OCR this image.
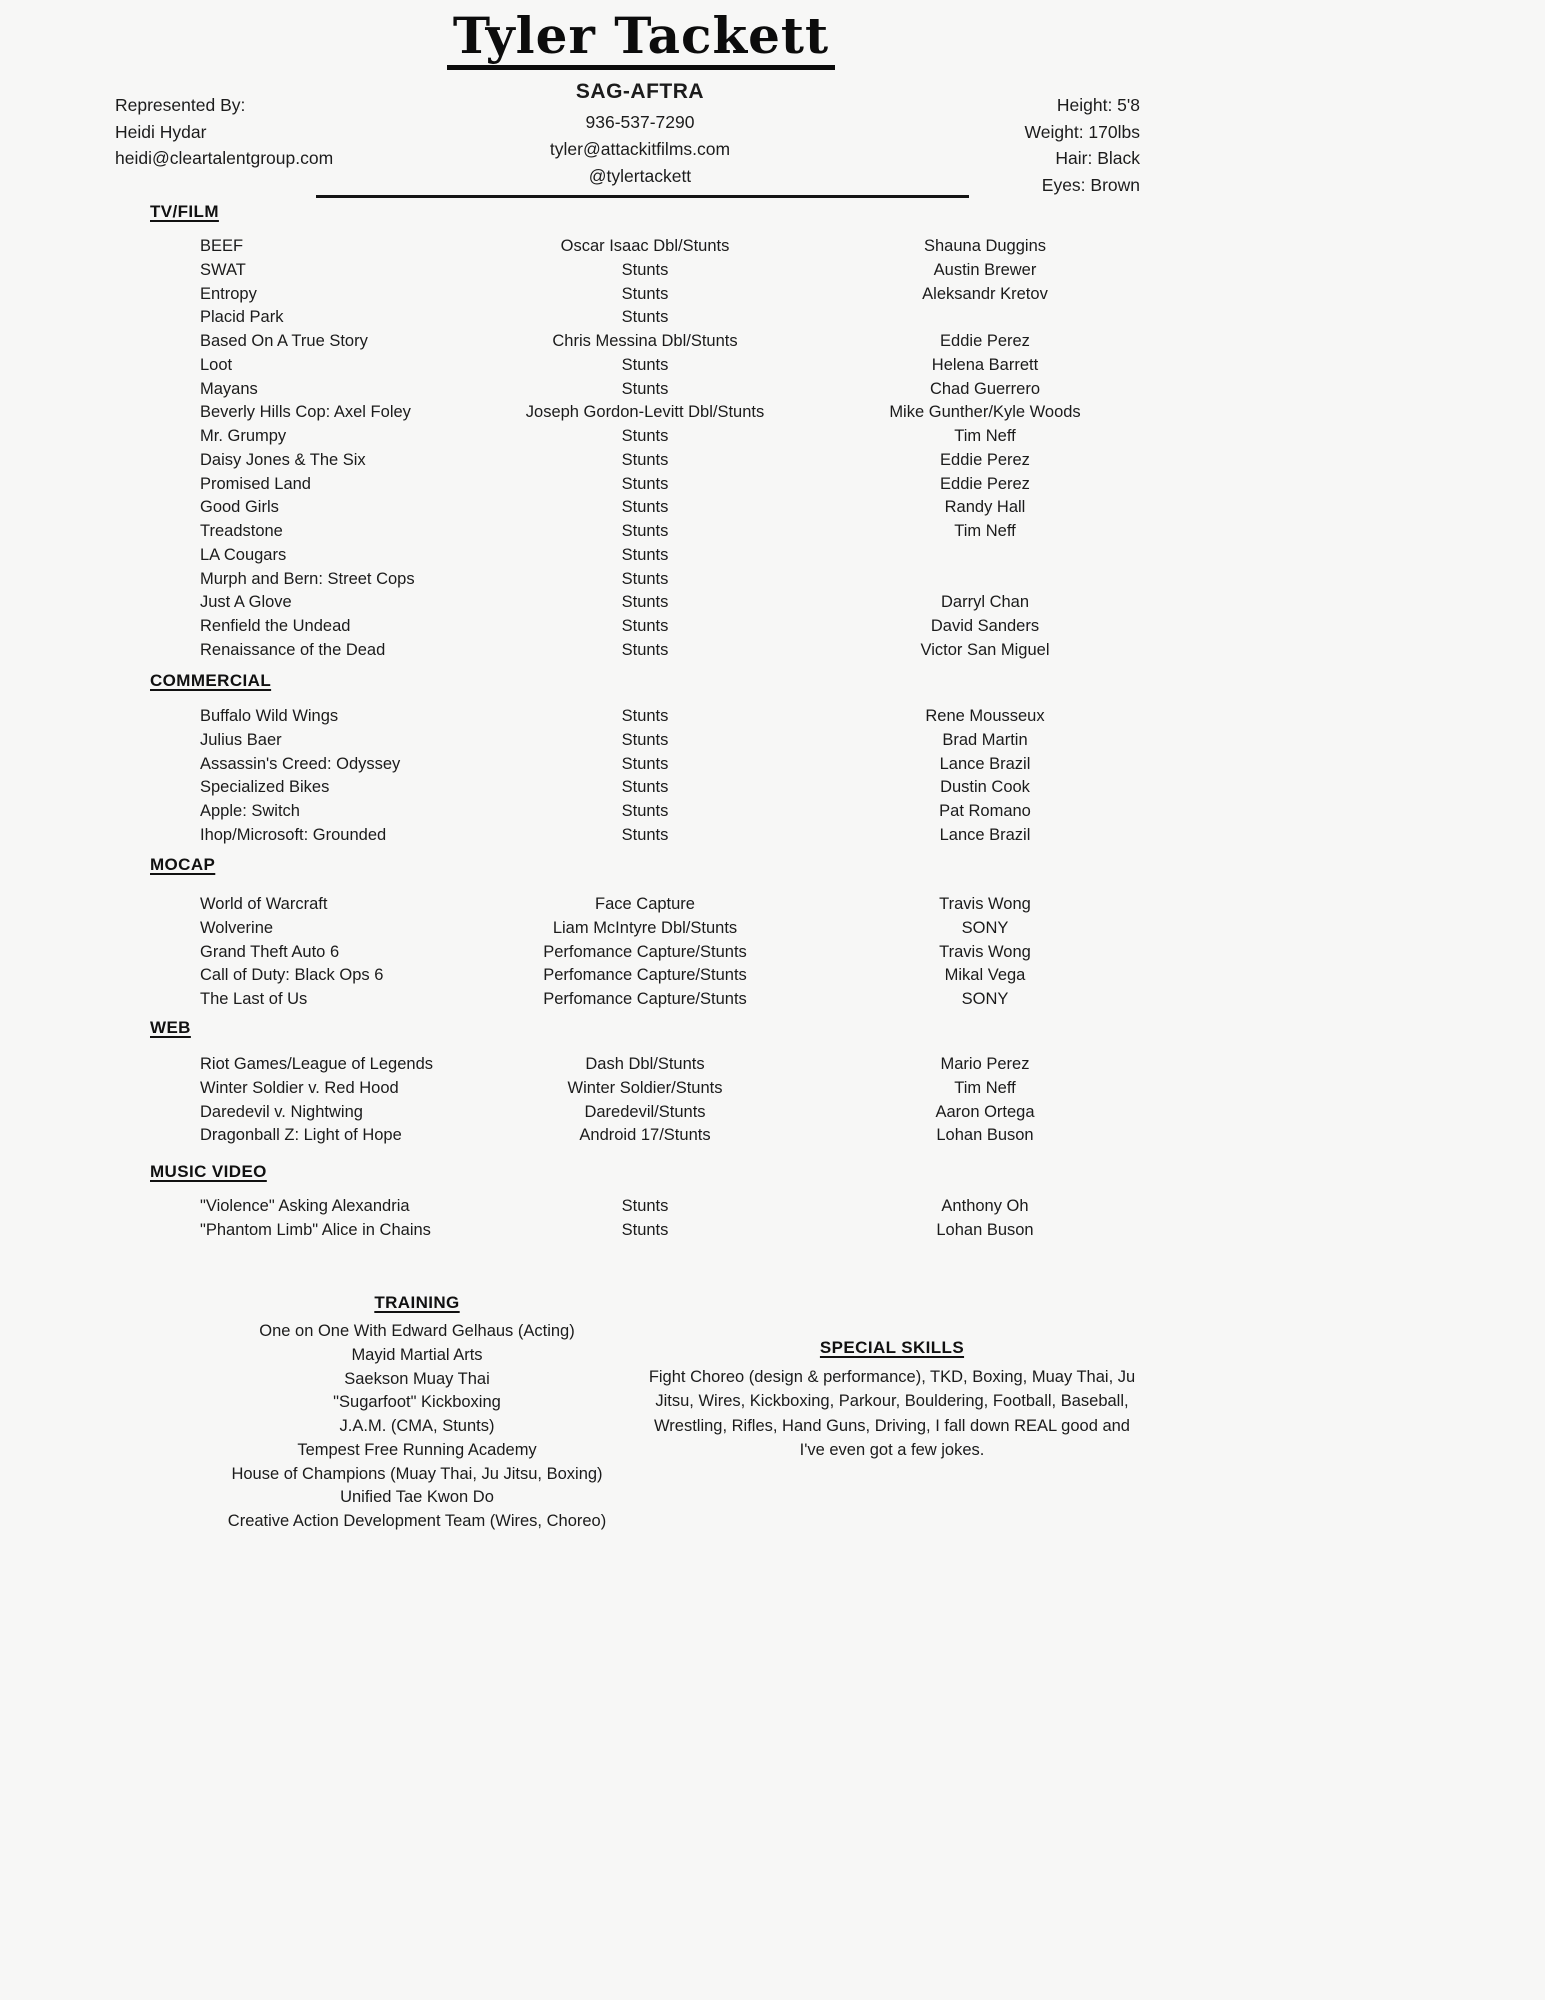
Tyler Tackett
Represented By:
Heidi Hydar
heidi@cleartalentgroup.com
SAG-AFTRA
936-537-7290
tyler@attackitfilms.com
@tylertackett
Height: 5'8
Weight: 170lbs
Hair: Black
Eyes: Brown
TV/FILM
BEEF	Oscar Isaac Dbl/Stunts	Shauna Duggins
SWAT	Stunts	Austin Brewer
Entropy	Stunts	Aleksandr Kretov
Placid Park	Stunts
Based On A True Story	Chris Messina Dbl/Stunts	Eddie Perez
Loot	Stunts	Helena Barrett
Mayans	Stunts	Chad Guerrero
Beverly Hills Cop: Axel Foley	Joseph Gordon-Levitt Dbl/Stunts	Mike Gunther/Kyle Woods
Mr. Grumpy	Stunts	Tim Neff
Daisy Jones & The Six	Stunts	Eddie Perez
Promised Land	Stunts	Eddie Perez
Good Girls	Stunts	Randy Hall
Treadstone	Stunts	Tim Neff
LA Cougars	Stunts
Murph and Bern: Street Cops	Stunts
Just A Glove	Stunts	Darryl Chan
Renfield the Undead	Stunts	David Sanders
Renaissance of the Dead	Stunts	Victor San Miguel
COMMERCIAL
Buffalo Wild Wings	Stunts	Rene Mousseux
Julius Baer	Stunts	Brad Martin
Assassin's Creed: Odyssey	Stunts	Lance Brazil
Specialized Bikes	Stunts	Dustin Cook
Apple: Switch	Stunts	Pat Romano
Ihop/Microsoft: Grounded	Stunts	Lance Brazil
MOCAP
World of Warcraft	Face Capture	Travis Wong
Wolverine	Liam McIntyre Dbl/Stunts	SONY
Grand Theft Auto 6	Perfomance Capture/Stunts	Travis Wong
Call of Duty: Black Ops 6	Perfomance Capture/Stunts	Mikal Vega
The Last of Us	Perfomance Capture/Stunts	SONY
WEB
Riot Games/League of Legends	Dash Dbl/Stunts	Mario Perez
Winter Soldier v. Red Hood	Winter Soldier/Stunts	Tim Neff
Daredevil v. Nightwing	Daredevil/Stunts	Aaron Ortega
Dragonball Z: Light of Hope	Android 17/Stunts	Lohan Buson
MUSIC VIDEO
"Violence" Asking Alexandria	Stunts	Anthony Oh
"Phantom Limb" Alice in Chains	Stunts	Lohan Buson
TRAINING
One on One With Edward Gelhaus (Acting)
Mayid Martial Arts
Saekson Muay Thai
"Sugarfoot" Kickboxing
J.A.M. (CMA, Stunts)
Tempest Free Running Academy
House of Champions (Muay Thai, Ju Jitsu, Boxing)
Unified Tae Kwon Do
Creative Action Development Team (Wires, Choreo)
SPECIAL SKILLS

Fight Choreo (design & performance), TKD, Boxing, Muay Thai, Ju Jitsu, Wires, Kickboxing, Parkour, Bouldering, Football, Baseball, Wrestling, Rifles, Hand Guns, Driving, I fall down REAL good and I've even got a few jokes.
